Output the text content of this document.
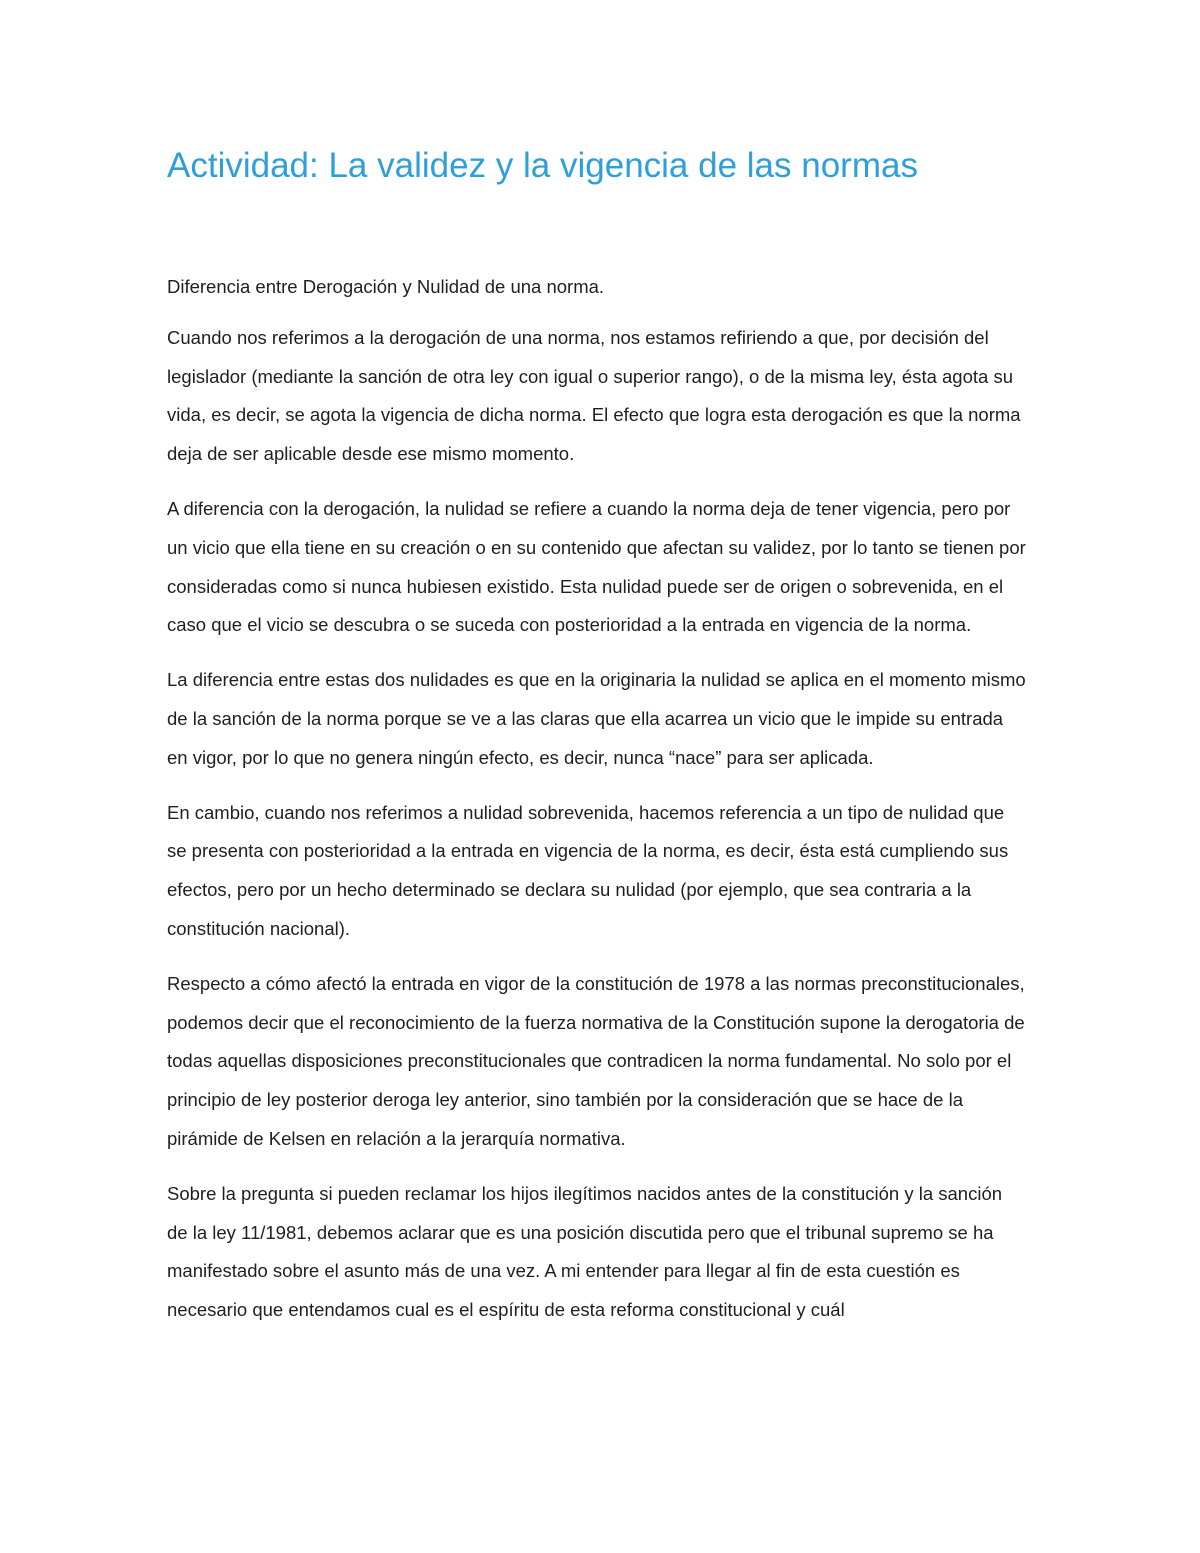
Actividad: La validez y la vigencia de las normas

Diferencia entre Derogación y Nulidad de una norma.

Cuando nos referimos a la derogación de una norma, nos estamos refiriendo a que, por decisión del legislador (mediante la sanción de otra ley con igual o superior rango), o de la misma ley, ésta agota su vida, es decir, se agota la vigencia de dicha norma. El efecto que logra esta derogación es que la norma deja de ser aplicable desde ese mismo momento.

A diferencia con la derogación, la nulidad se refiere a cuando la norma deja de tener vigencia, pero por un vicio que ella tiene en su creación o en su contenido que afectan su validez, por lo tanto se tienen por consideradas como si nunca hubiesen existido. Esta nulidad puede ser de origen o sobrevenida, en el caso que el vicio se descubra o se suceda con posterioridad a la entrada en vigencia de la norma.

La diferencia entre estas dos nulidades es que en la originaria la nulidad se aplica en el momento mismo de la sanción de la norma porque se ve a las claras que ella acarrea un vicio que le impide su entrada en vigor, por lo que no genera ningún efecto, es decir, nunca “nace” para ser aplicada.

En cambio, cuando nos referimos a nulidad sobrevenida, hacemos referencia a un tipo de nulidad que se presenta con posterioridad a la entrada en vigencia de la norma, es decir, ésta está cumpliendo sus efectos, pero por un hecho determinado se declara su nulidad (por ejemplo, que sea contraria a la constitución nacional).

Respecto a cómo afectó la entrada en vigor de la constitución de 1978 a las normas preconstitucionales, podemos decir que el reconocimiento de la fuerza normativa de la Constitución supone la derogatoria de todas aquellas disposiciones preconstitucionales que contradicen la norma fundamental. No solo por el principio de ley posterior deroga ley anterior, sino también por la consideración que se hace de la pirámide de Kelsen en relación a la jerarquía normativa.

Sobre la pregunta si pueden reclamar los hijos ilegítimos nacidos antes de la constitución y la sanción de la ley 11/1981, debemos aclarar que es una posición discutida pero que el tribunal supremo se ha manifestado sobre el asunto más de una vez. A mi entender para llegar al fin de esta cuestión es necesario que entendamos cual es el espíritu de esta reforma constitucional y cuál
